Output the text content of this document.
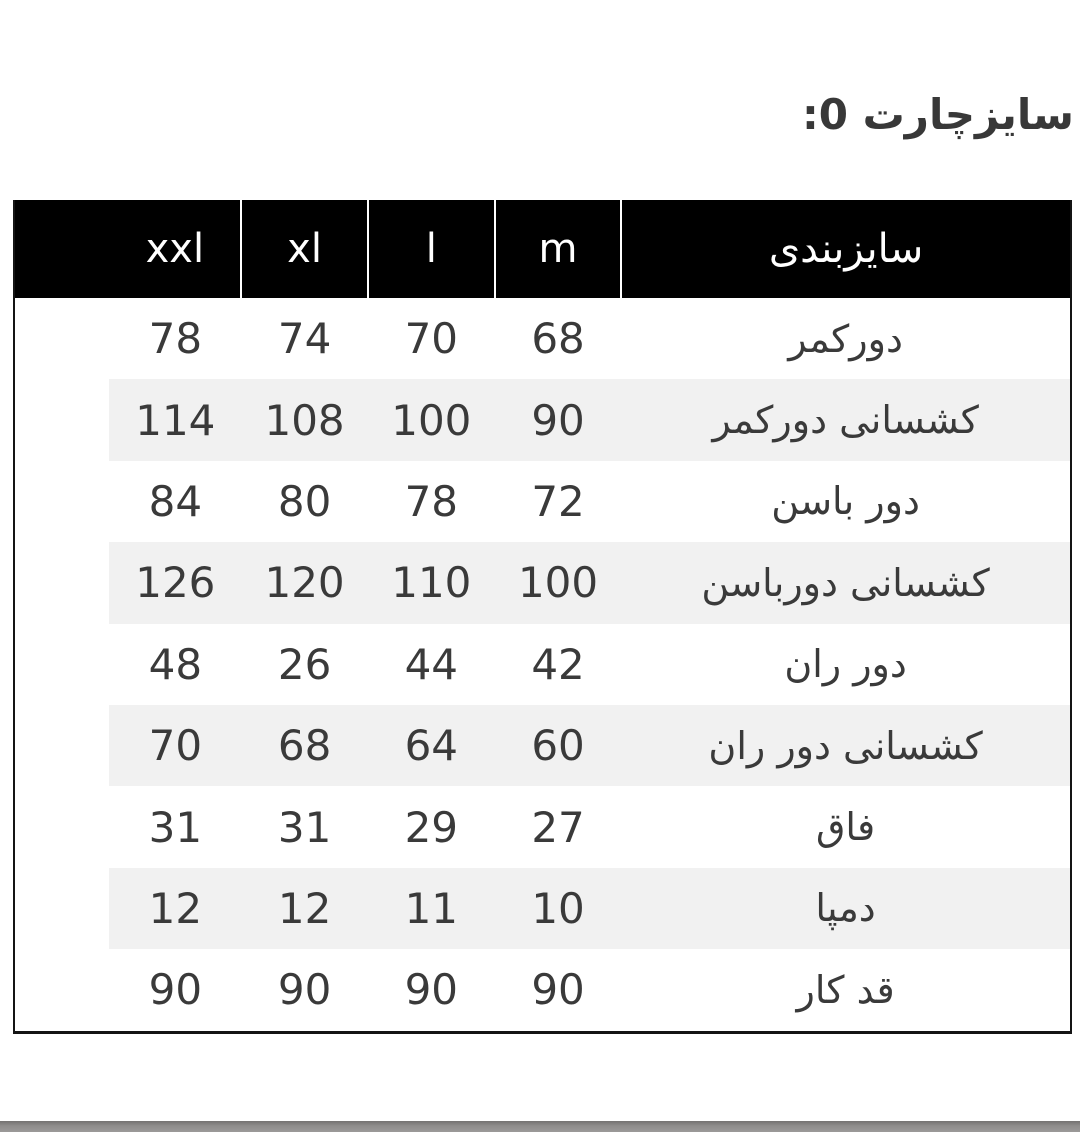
سایزچارت 0:
سایزبندی	m	l	xl	xxl	
دورکمر	68	70	74	78	
کشسانی دورکمر	90	100	108	114	
دور باسن	72	78	80	84	
کشسانی دورباسن	100	110	120	126	
دور ران	42	44	26	48	
کشسانی دور ران	60	64	68	70	
فاق	27	29	31	31	
دمپا	10	11	12	12	
قد کار	90	90	90	90	
